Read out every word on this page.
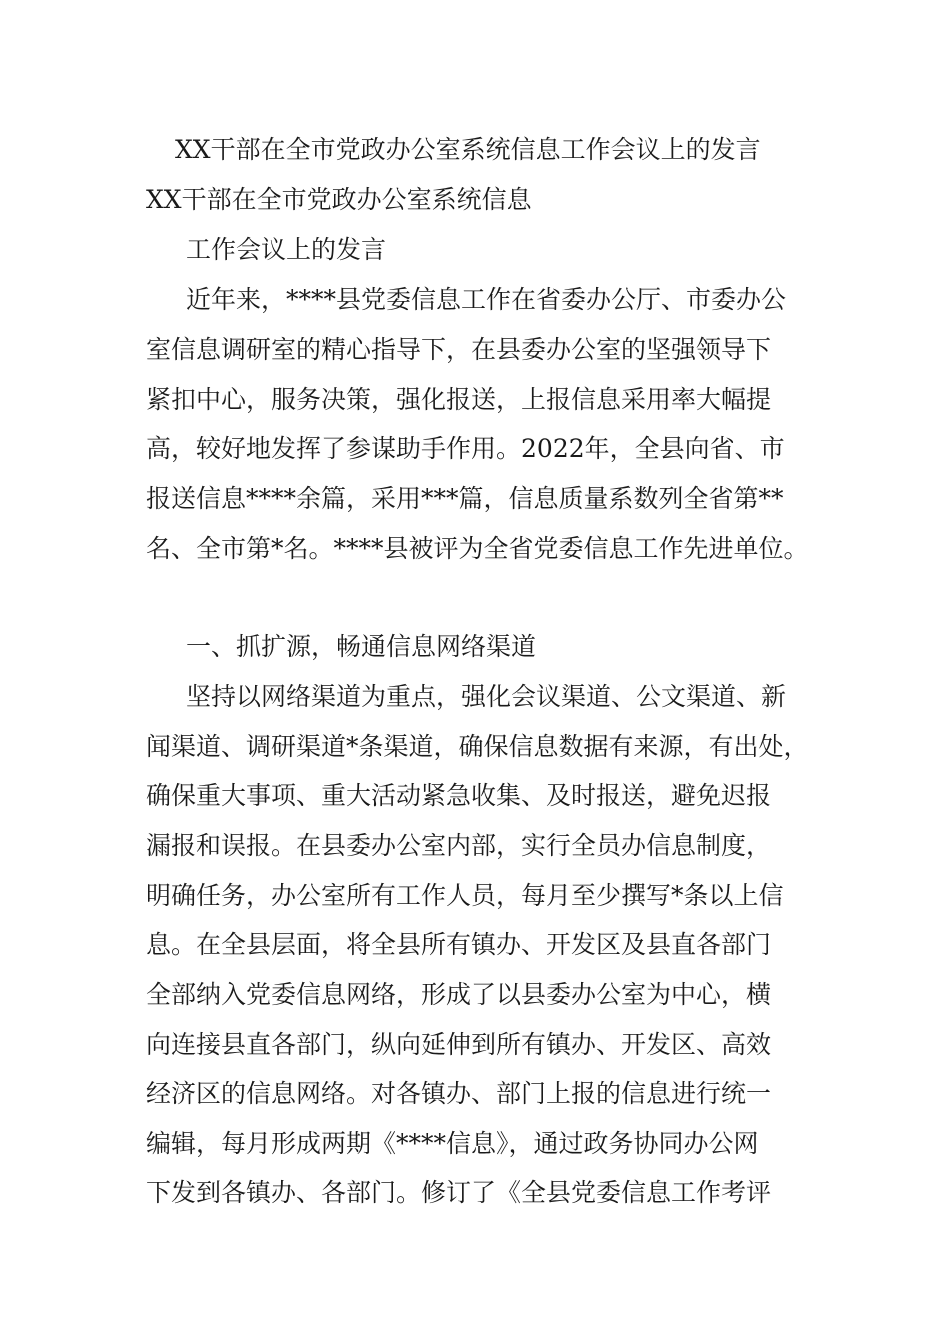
XX干部在全市党政办公室系统信息工作会议上的发言
XX干部在全市党政办公室系统信息
工作会议上的发言
近年来，****县党委信息工作在省委办公厅、市委办公
室信息调研室的精心指导下，在县委办公室的坚强领导下
紧扣中心，服务决策，强化报送，上报信息采用率大幅提
高，较好地发挥了参谋助手作用。2022年，全县向省、市
报送信息****余篇，采用***篇，信息质量系数列全省第**
名、全市第*名。****县被评为全省党委信息工作先进单位。
一、抓扩源，畅通信息网络渠道
坚持以网络渠道为重点，强化会议渠道、公文渠道、新
闻渠道、调研渠道*条渠道，确保信息数据有来源，有出处，
确保重大事项、重大活动紧急收集、及时报送，避免迟报
漏报和误报。在县委办公室内部，实行全员办信息制度，
明确任务，办公室所有工作人员，每月至少撰写*条以上信
息。在全县层面，将全县所有镇办、开发区及县直各部门
全部纳入党委信息网络，形成了以县委办公室为中心，横
向连接县直各部门，纵向延伸到所有镇办、开发区、高效
经济区的信息网络。对各镇办、部门上报的信息进行统一
编辑，每月形成两期《****信息》，通过政务协同办公网
下发到各镇办、各部门。修订了《全县党委信息工作考评
